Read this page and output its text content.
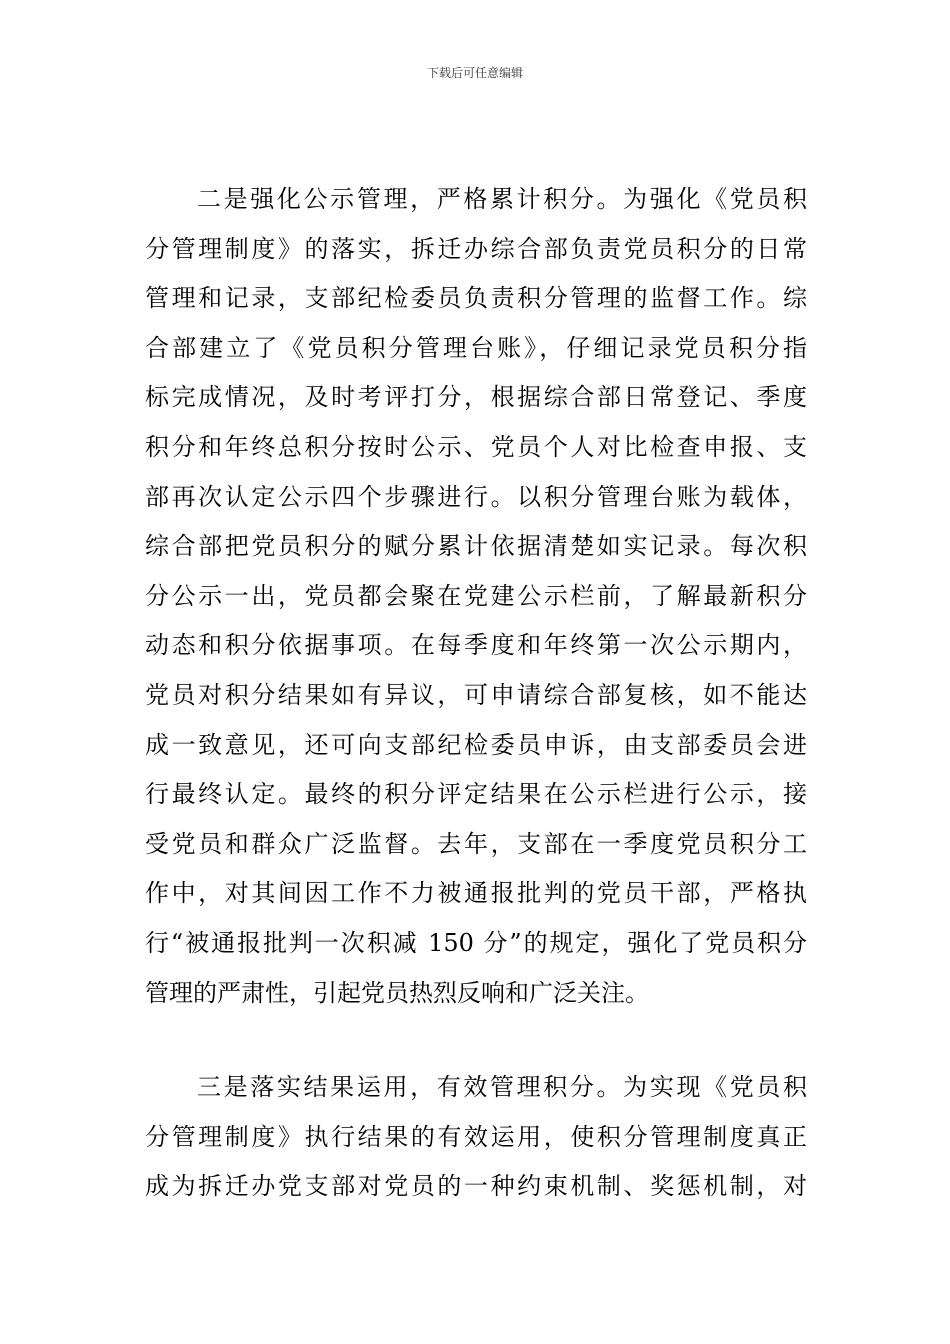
下载后可任意编辑
二是强化公示管理，严格累计积分。为强化《党员积
分管理制度》的落实，拆迁办综合部负责党员积分的日常
管理和记录，支部纪检委员负责积分管理的监督工作。综
合部建立了《党员积分管理台账》，仔细记录党员积分指
标完成情况，及时考评打分，根据综合部日常登记、季度
积分和年终总积分按时公示、党员个人对比检查申报、支
部再次认定公示四个步骤进行。以积分管理台账为载体，
综合部把党员积分的赋分累计依据清楚如实记录。每次积
分公示一出，党员都会聚在党建公示栏前，了解最新积分
动态和积分依据事项。在每季度和年终第一次公示期内，
党员对积分结果如有异议，可申请综合部复核，如不能达
成一致意见，还可向支部纪检委员申诉，由支部委员会进
行最终认定。最终的积分评定结果在公示栏进行公示，接
受党员和群众广泛监督。去年，支部在一季度党员积分工
作中，对其间因工作不力被通报批判的党员干部，严格执
行“被通报批判一次积减 150 分”的规定，强化了党员积分
管理的严肃性，引起党员热烈反响和广泛关注。
三是落实结果运用，有效管理积分。为实现《党员积
分管理制度》执行结果的有效运用，使积分管理制度真正
成为拆迁办党支部对党员的一种约束机制、奖惩机制，对
